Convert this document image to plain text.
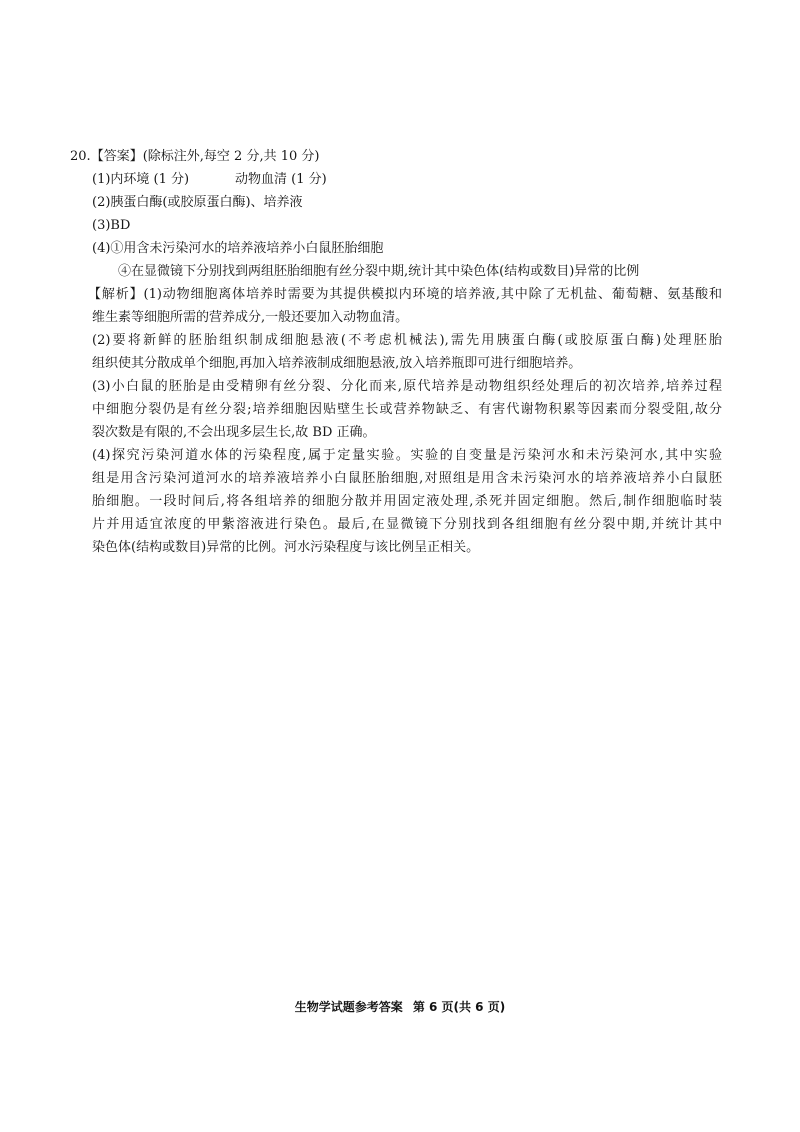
20.【答案】(除标注外,每空 2 分,共 10 分)
(1)内环境 (1 分)	动物血清 (1 分)
(2)胰蛋白酶(或胶原蛋白酶)、培养液
(3)BD
(4)①用含未污染河水的培养液培养小白鼠胚胎细胞
④在显微镜下分别找到两组胚胎细胞有丝分裂中期,统计其中染色体(结构或数目)异常的比例
【解析】(1)动物细胞离体培养时需要为其提供模拟内环境的培养液,其中除了无机盐、葡萄糖、氨基酸和
维生素等细胞所需的营养成分,一般还要加入动物血清。
(2)要将新鲜的胚胎组织制成细胞悬液(不考虑机械法),需先用胰蛋白酶(或胶原蛋白酶)处理胚胎
组织使其分散成单个细胞,再加入培养液制成细胞悬液,放入培养瓶即可进行细胞培养。
(3)小白鼠的胚胎是由受精卵有丝分裂、分化而来,原代培养是动物组织经处理后的初次培养,培养过程
中细胞分裂仍是有丝分裂;培养细胞因贴壁生长或营养物缺乏、有害代谢物积累等因素而分裂受阻,故分
裂次数是有限的,不会出现多层生长,故 BD 正确。
(4)探究污染河道水体的污染程度,属于定量实验。实验的自变量是污染河水和未污染河水,其中实验
组是用含污染河道河水的培养液培养小白鼠胚胎细胞,对照组是用含未污染河水的培养液培养小白鼠胚
胎细胞。一段时间后,将各组培养的细胞分散并用固定液处理,杀死并固定细胞。然后,制作细胞临时装
片并用适宜浓度的甲紫溶液进行染色。最后,在显微镜下分别找到各组细胞有丝分裂中期,并统计其中
染色体(结构或数目)异常的比例。河水污染程度与该比例呈正相关。
生物学试题参考答案 第 6 页(共 6 页)
